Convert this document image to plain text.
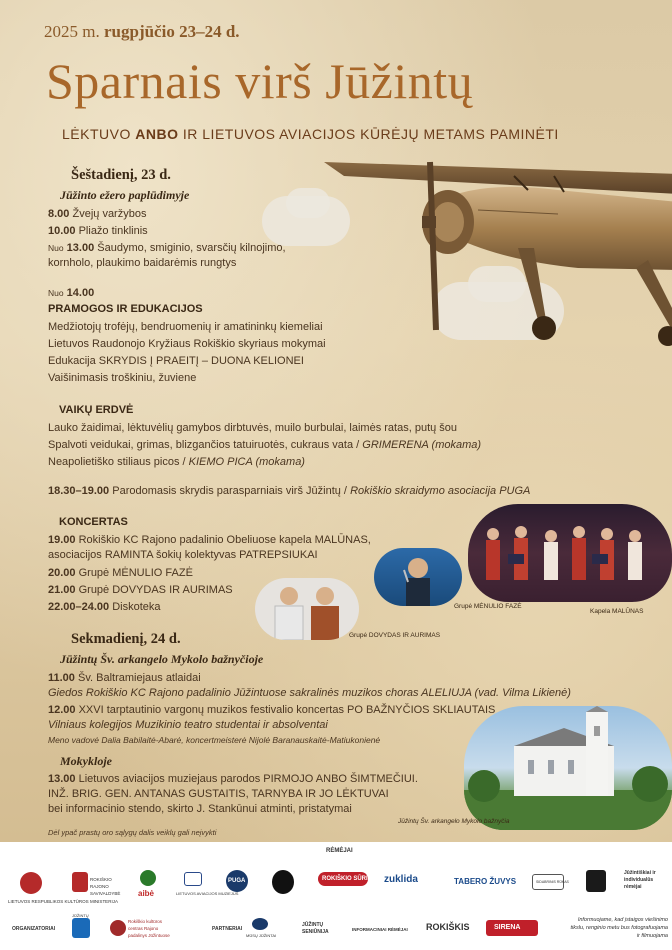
2025 m. rugpjūčio 23–24 d.
Sparnais virš Jūžintų
LĖKTUVO ANBO IR LIETUVOS AVIACIJOS KŪRĖJŲ METAMS PAMINĖTI
Šeštadienį, 23 d.
Jūžinto ežero paplūdimyje
8.00 Žvejų varžybos
10.00 Pliažo tinklinis
Nuo 13.00 Šaudymo, smiginio, svarsčių kilnojimo,
kornholo, plaukimo baidarėmis rungtys
Nuo 14.00
PRAMOGOS IR EDUKACIJOS
Medžiotojų trofėjų, bendruomenių ir amatininkų kiemeliai
Lietuvos Raudonojo Kryžiaus Rokiškio skyriaus mokymai
Edukacija SKRYDIS Į PRAEITĮ – DUONA KELIONEI
Vaišinimasis troškiniu, žuviene
VAIKŲ ERDVĖ
Lauko žaidimai, lėktuvėlių gamybos dirbtuvės, muilo burbulai, laimės ratas, putų šou
Spalvoti veidukai, grimas, blizgančios tatuiruotės, cukraus vata / GRIMERENA (mokama)
Neapolietiško stiliaus picos / KIEMO PICA (mokama)
18.30–19.00 Parodomasis skrydis parasparniais virš Jūžintų / Rokiškio skraidymo asociacija PUGA
KONCERTAS
19.00 Rokiškio KC Rajono padalinio Obeliuose kapela MALŪNAS,
asociacijos RAMINTA šokių kolektyvas PATREPSIUKAI
20.00 Grupė MĖNULIO FAZĖ
21.00 Grupė DOVYDAS IR AURIMAS
22.00–24.00 Diskoteka	Kapela MALŪNAS
Grupė MĖNULIO FAZĖ
Grupė DOVYDAS IR AURIMAS
Sekmadienį, 24 d.
Jūžintų Šv. arkangelo Mykolo bažnyčioje
11.00 Šv. Baltramiejaus atlaidai
Giedos Rokiškio KC Rajono padalinio Jūžintuose sakralinės muzikos choras ALELIUJA (vad. Vilma Likienė)
12.00 XXVI tarptautinio vargonų muzikos festivalio koncertas PO BAŽNYČIOS SKLIAUTAIS
Vilniaus kolegijos Muzikinio teatro studentai ir absolventai
Meno vadovė Dalia Babilaitė-Abarė, koncertmeisterė Nijolė Baranauskaitė-Matiukonienė
Mokykloje
13.00 Lietuvos aviacijos muziejaus parodos PIRMOJO ANBO ŠIMTMEČIUI.
INŽ. BRIG. GEN. ANTANAS GUSTAITIS, TARNYBA IR JO LĖKTUVAI
bei informacinio stendo, skirto J. Stankūnui atminti, pristatymai
Dėl ypač prastų oro sąlygų dalis veiklų gali neįvykti
Jūžintų Šv. arkangelo Mykolo bažnyčia
RĖMĖJAI
LIETUVOS RESPUBLIKOS KULTŪROS MINISTERIJA
ROKIŠKIO RAJONO SAVIVALDYBĖ	aibė	LIETUVOS AVIACIJOS MUZIEJUS
PUGA	ROKIŠKIO SŪRIS zuklida	TABERO ŽUVYS	SIDABRINIS RŪKAS
Jūžintiškiai ir individualūs rėmėjai
ORGANIZATORIAI
JŪŽINTŲ
Rokiškio kultūros centras Rajono padalinys Jūžintuose
PARTNERIAI
MŪSŲ JŪŽINTAI
JŪŽINTŲ SENIŪNIJA	INFORMACINIAI RĖMĖJAI ROKIŠKIS	SIRENA
Informuojame, kad įstaigos viešinimo tikslu, renginio metu bus fotografuojama ir filmuojama
